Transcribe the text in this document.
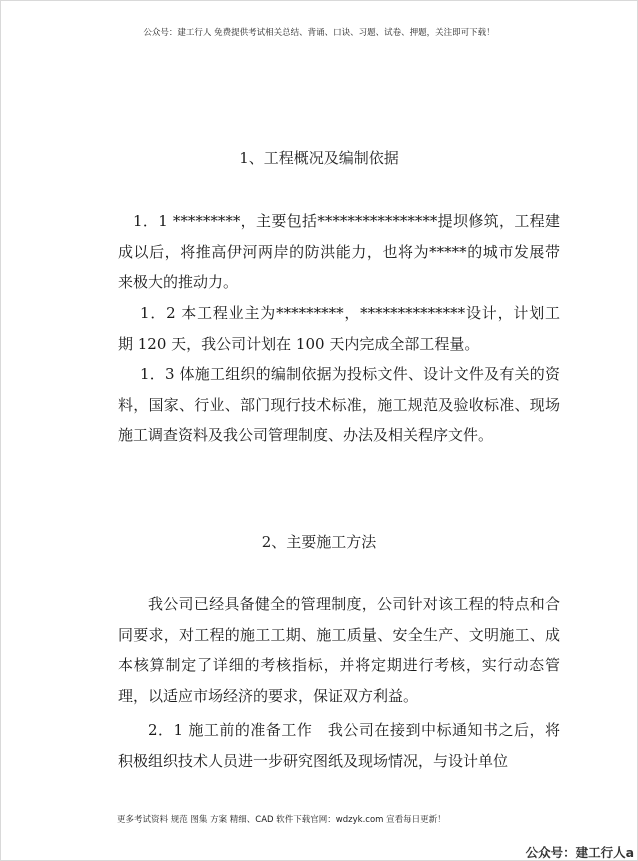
公众号：建工行人 免费提供考试相关总结、背诵、口诀、习题、试卷、押题，关注即可下载！
1、工程概况及编制依据

1．1 *********，主要包括****************提坝修筑，工程建成以后，将推高伊河两岸的防洪能力，也将为*****的城市发展带来极大的推动力。

1．2 本工程业主为*********，**************设计，计划工期 120 天，我公司计划在 100 天内完成全部工程量。

1．3 体施工组织的编制依据为投标文件、设计文件及有关的资料，国家、行业、部门现行技术标准，施工规范及验收标准、现场施工调查资料及我公司管理制度、办法及相关程序文件。

2、主要施工方法

我公司已经具备健全的管理制度，公司针对该工程的特点和合同要求，对工程的施工工期、施工质量、安全生产、文明施工、成本核算制定了详细的考核指标，并将定期进行考核，实行动态管理，以适应市场经济的要求，保证双方利益。

2．1 施工前的准备工作　我公司在接到中标通知书之后，将积极组织技术人员进一步研究图纸及现场情况，与设计单位

更多考试资料 规范 图集 方案 精细、CAD 软件下载官网：wdzyk.com 宣看每日更新！
公众号：建工行人a
